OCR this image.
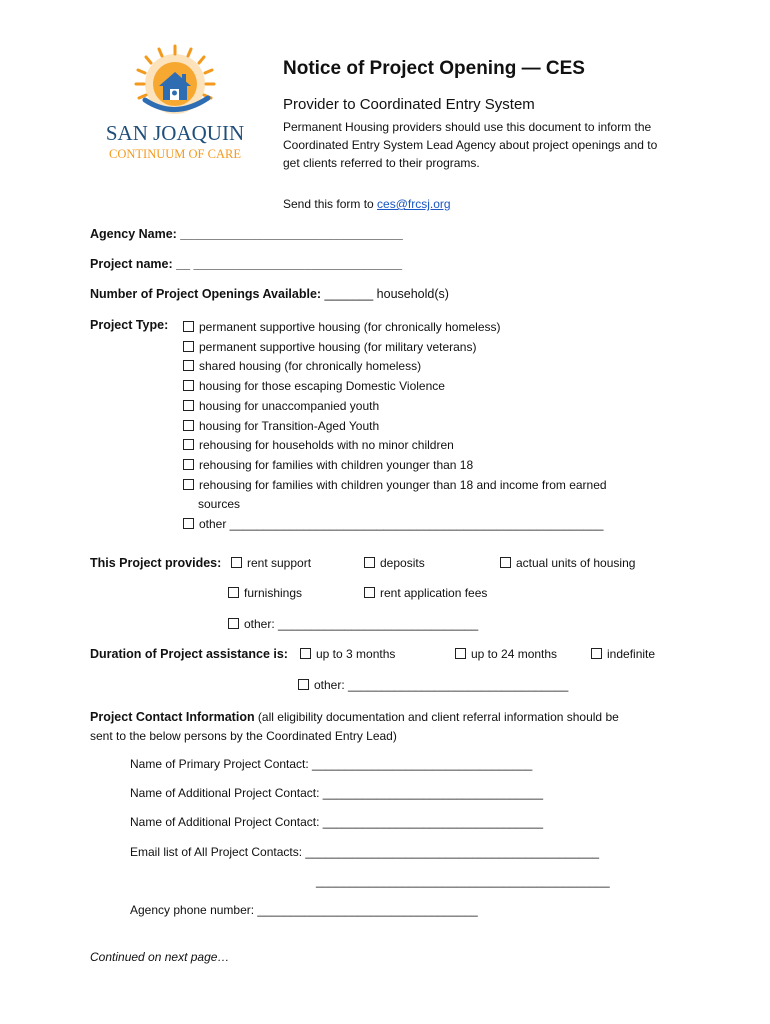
SAN JOAQUIN
CONTINUUM OF CARE
Notice of Project Opening — CES
Provider to Coordinated Entry System
Permanent Housing providers should use this document to inform the
Coordinated Entry System Lead Agency about project openings and to
get clients referred to their programs.
Send this form to ces@frcsj.org
Agency Name: ________________________________
Project name: __ ______________________________
Number of Project Openings Available: _______ household(s)
Project Type:	permanent supportive housing (for chronically homeless)
permanent supportive housing (for military veterans)
shared housing (for chronically homeless)
housing for those escaping Domestic Violence
housing for unaccompanied youth
housing for Transition-Aged Youth
rehousing for households with no minor children
rehousing for families with children younger than 18
rehousing for families with children younger than 18 and income from earned
sources
other ________________________________________________________
This Project provides:	rent support	deposits	actual units of housing
furnishings	rent application fees
other: ______________________________
Duration of Project assistance is:	up to 3 months	up to 24 months	indefinite
other: _________________________________
Project Contact Information (all eligibility documentation and client referral information should be
sent to the below persons by the Coordinated Entry Lead)
Name of Primary Project Contact: _________________________________
Name of Additional Project Contact: _________________________________
Name of Additional Project Contact: _________________________________
Email list of All Project Contacts: ____________________________________________
____________________________________________
Agency phone number: _________________________________
Continued on next page…
